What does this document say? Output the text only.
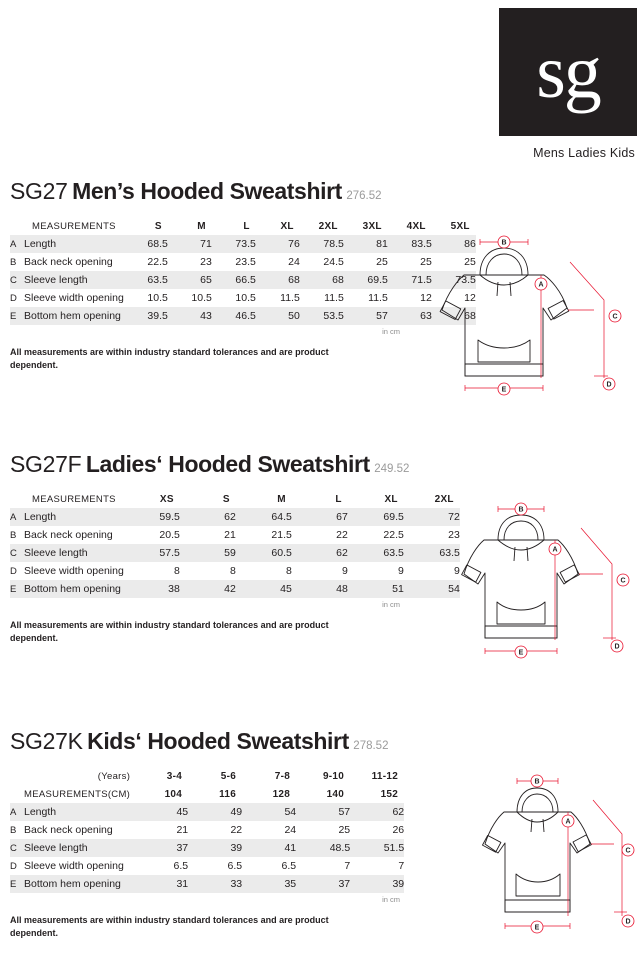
sg
Mens Ladies Kids
SG27 Men’s Hooded Sweatshirt 276.52
	MEASUREMENTS	S	M	L	XL	2XL	3XL	4XL	5XL
A	Length	68.5	71	73.5	76	78.5	81	83.5	86
B	Back neck opening	22.5	23	23.5	24	24.5	25	25	25
C	Sleeve length	63.5	65	66.5	68	68	69.5	71.5	73.5
D	Sleeve width opening	10.5	10.5	10.5	11.5	11.5	11.5	12	12
E	Bottom hem opening	39.5	43	46.5	50	53.5	57	63	68
in cm
All measurements are within industry standard tolerances and are product dependent.
B
A
C
D
E
SG27F Ladies‘ Hooded Sweatshirt 249.52
	MEASUREMENTS	XS	S	M	L	XL	2XL
A	Length	59.5	62	64.5	67	69.5	72
B	Back neck opening	20.5	21	21.5	22	22.5	23
C	Sleeve length	57.5	59	60.5	62	63.5	63.5
D	Sleeve width opening	8	8	8	9	9	9
E	Bottom hem opening	38	42	45	48	51	54
in cm
All measurements are within industry standard tolerances and are product dependent.
B
A
C
D
E
SG27K Kids‘ Hooded Sweatshirt 278.52
	(Years)	3-4	5-6	7-8	9-10	11-12
	MEASUREMENTS (CM)	104	116	128	140	152
A	Length	45	49	54	57	62
B	Back neck opening	21	22	24	25	26
C	Sleeve length	37	39	41	48.5	51.5
D	Sleeve width opening	6.5	6.5	6.5	7	7
E	Bottom hem opening	31	33	35	37	39
in cm
All measurements are within industry standard tolerances and are product dependent.
B
A
C
D
E
